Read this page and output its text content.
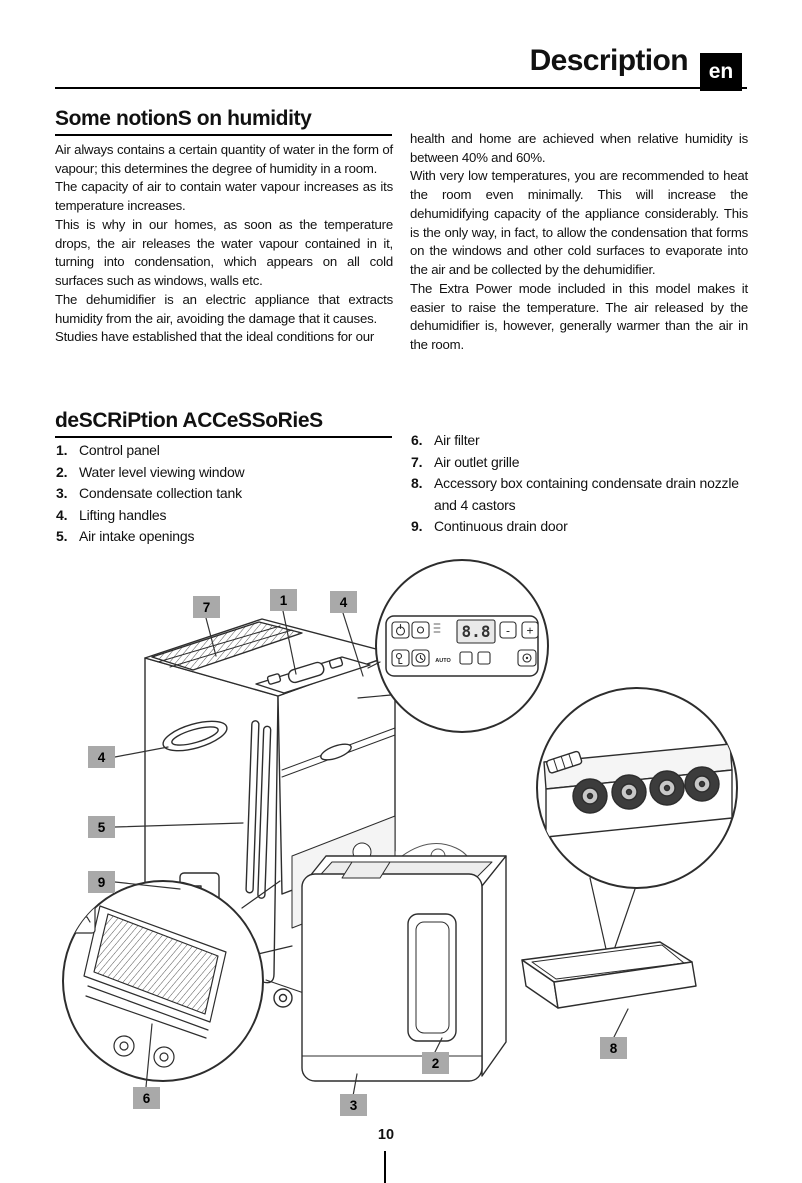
Description en
Some notionS on humidity

Air always contains a certain quantity of water in the form of vapour; this determines the degree of humidity in a room.

The capacity of air to contain water vapour increases as its temperature increases.

This is why in our homes, as soon as the temperature drops, the air releases the water vapour contained in it, turning into condensation, which appears on all cold surfaces such as windows, walls etc.

The dehumidifier is an electric appliance that extracts humidity from the air, avoiding the damage that it causes.

Studies have established that the ideal conditions for our

health and home are achieved when relative humidity is between 40% and 60%.

With very low temperatures, you are recommended to heat the room even minimally. This will increase the dehumidifying capacity of the appliance considerably. This is the only way, in fact, to allow the condensation that forms on the windows and other cold surfaces to evaporate into the air and be collected by the dehumidifier.

The Extra Power mode included in this model makes it easier to raise the temperature. The air released by the dehumidifier is, however, generally warmer than the air in the room.

deSCRiPtion ACCeSSoRieS
1. Control panel
2. Water level viewing window
3. Condensate collection tank
4. Lifting handles
5. Air intake openings
6. Air filter
7. Air outlet grille
8. Accessory box containing condensate drain nozzle and 4 castors
9. Continuous drain door
8.8 - +
AUTO
7	1	4
4
5
9
6	3
2
8
10
